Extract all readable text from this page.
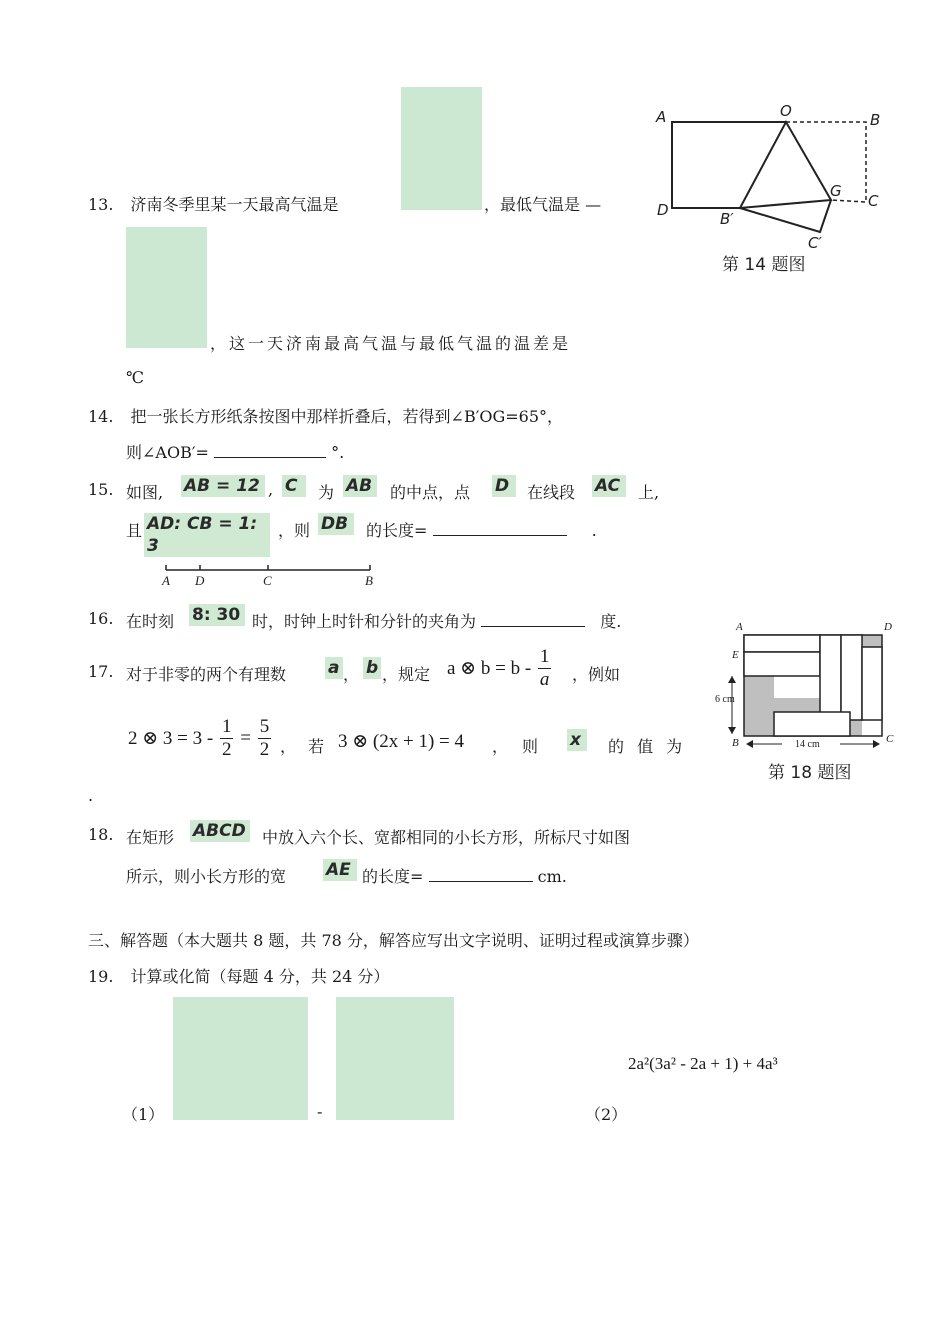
13. 济南冬季里某一天最高气温是	，最低气温是 —
，这一天济南最高气温与最低气温的温差是
℃
A	O	B
D	B′
G
C
C′
第 14 题图
14. 把一张长方形纸条按图中那样折叠后，若得到∠B′OG=65°，
则∠AOB′=	°.
15. 如图, AB = 12 , C	为 AB	的中点，点 D	在线段 AC	上,
且 AD: CB = 1: 3
，则 DB	的长度=	.
A D	C	B
16. 在时刻 8: 30 时，时钟上时针和分针的夹角为	度.	A	D
E
B	C
6 cm
14 cm
第 18 题图
17. 对于非零的两个有理数 a ， b ，规定 a ⊗ $b = b - \frac{1}{a}$ ，例如
2 ⊗ $3 = 3 - \frac{1}{2} = \frac{5}{2}$ ， 若 3 ⊗ (2x + 1) = 4 ， 则 x	的 值 为
.
18. 在矩形 ABCD 中放入六个长、宽都相同的小长方形，所标尺寸如图
所示，则小长方形的宽 AE 的长度=	cm.
三、解答题（本大题共 8 题，共 78 分，解答应写出文字说明、证明过程或演算步骤）
19. 计算或化简（每题 4 分，共 24 分）
（1）	-
2a²(3a² - 2a + 1) + 4a³
（2）
